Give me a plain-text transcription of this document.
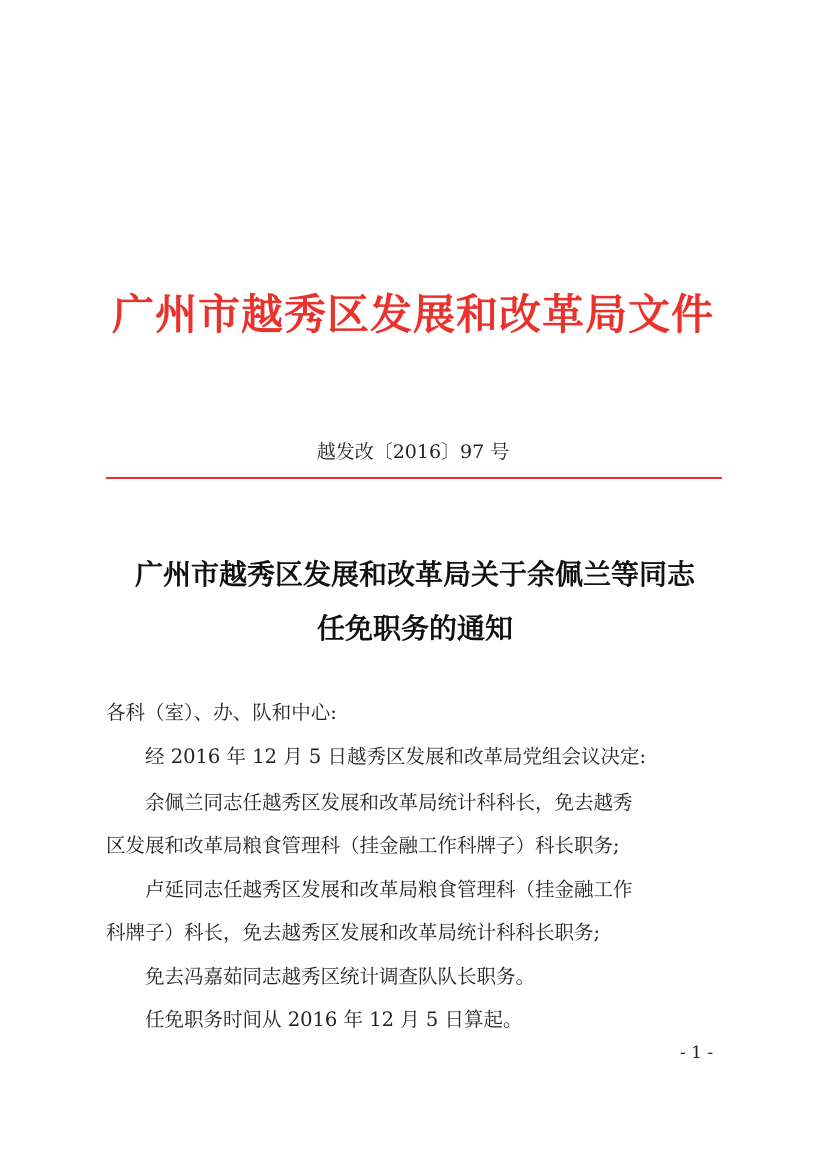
广州市越秀区发展和改革局文件
越发改〔2016〕97 号
广州市越秀区发展和改革局关于余佩兰等同志
任免职务的通知
各科（室）、办、队和中心:
经 2016 年 12 月 5 日越秀区发展和改革局党组会议决定:
余佩兰同志任越秀区发展和改革局统计科科长，免去越秀
区发展和改革局粮食管理科（挂金融工作科牌子）科长职务;
卢延同志任越秀区发展和改革局粮食管理科（挂金融工作
科牌子）科长，免去越秀区发展和改革局统计科科长职务;
免去冯嘉茹同志越秀区统计调查队队长职务。
任免职务时间从 2016 年 12 月 5 日算起。
- 1 -
